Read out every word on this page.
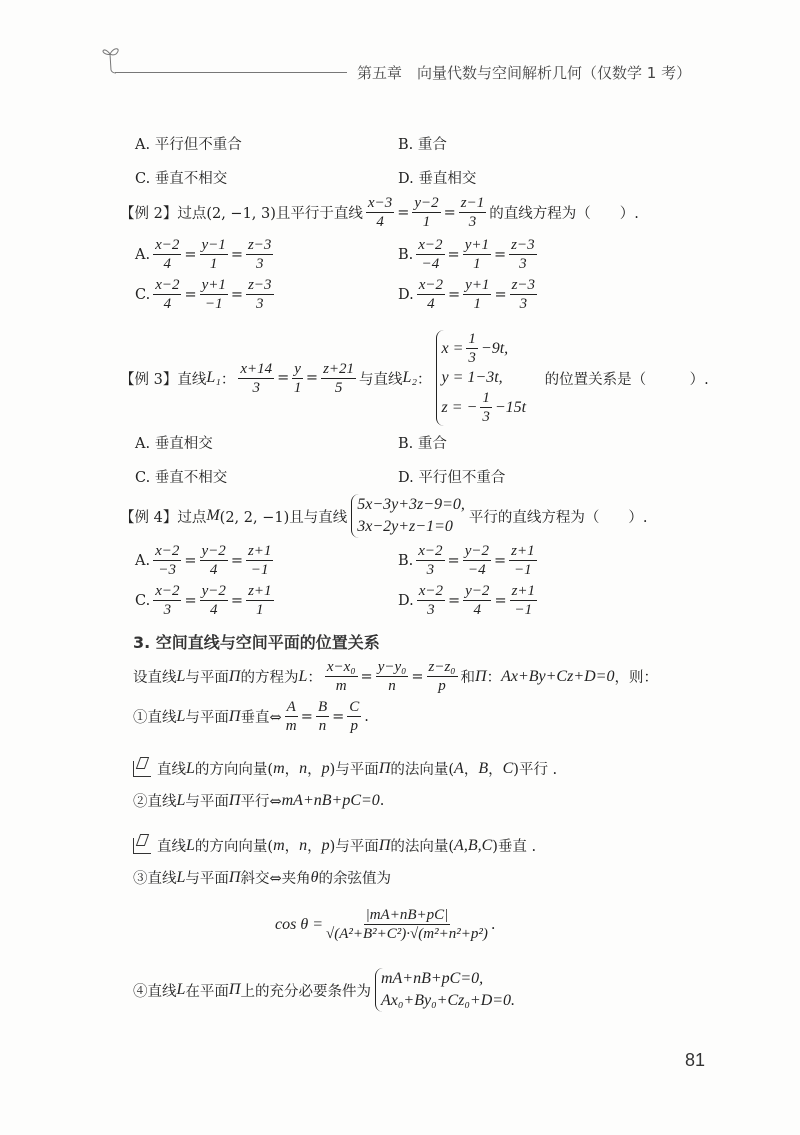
第五章　向量代数与空间解析几何（仅数学 1 考）
A. 平行但不重合	B. 重合
C. 垂直不相交	D. 垂直相交
【例 2】过点(2, −1, 3)且平行于直线 $\frac{x-3}{4} = \frac{y-2}{1} = \frac{z-1}{3}$ 的直线方程为（　　）.
A. $\frac{x-2}{4} = \frac{y-1}{1} = \frac{z-3}{3}$	B. $\frac{x-2}{-4} = \frac{y+1}{1} = \frac{z-3}{3}$
C. $\frac{x-2}{4} = \frac{y+1}{-1} = \frac{z-3}{3}$	D. $\frac{x-2}{4} = \frac{y+1}{1} = \frac{z-3}{3}$
【例 3】直线 L₁ ： $\frac{x+14}{3} = \frac{y}{1} = \frac{z+21}{5}$ 与直线 L₂ ：
$x = \frac{1}{3} -9t$,
y = 1−3t,
z = − $\frac{1}{3} -15t$
　的位置关系是（　　　）.
A. 垂直相交	B. 重合
C. 垂直不相交	D. 平行但不重合
【例 4】过点 M (2, 2, −1)且与直线
5x−3y+3z−9=0,
3x−2y+z−1=0
平行的直线方程为（　　）.
A. $\frac{x-2}{-3} = \frac{y-2}{4} = \frac{z+1}{-1}$	B. $\frac{x-2}{3} = \frac{y-2}{-4} = \frac{z+1}{-1}$
C. $\frac{x-2}{3} = \frac{y-2}{4} = \frac{z+1}{1}$	D. $\frac{x-2}{3} = \frac{y-2}{4} = \frac{z+1}{-1}$
3. 空间直线与空间平面的位置关系
设直线 L 与平面 Π 的方程为 L ： $\frac{\text{x−x₀}}{m} = \frac{\text{y−y₀}}{n} = \frac{\text{z−z₀}}{p}$ 和 Π ： Ax+By+Cz+D=0 ，则：
①直线 L 与平面 Π 垂直⇔ $\frac{A}{m} = \frac{B}{n} = \frac{C}{p}$ .
直线 L 的方向向量( m ， n ， p )与平面 Π 的法向量( A ， B ， C )平行 .
②直线 L 与平面 Π 平行⇔ mA+nB+pC=0 .
直线 L 的方向向量( m ， n ， p )与平面 Π 的法向量( A,B,C )垂直 .
③直线 L 与平面 Π 斜交⇔夹角 θ 的余弦值为
$\cos \theta = \frac{|mA+nB+pC|}{\text{√(A²+B²+C²)·√(m²+n²+p²)}}$ .
④直线 L 在平面 Π 上的充分必要条件为
mA+nB+pC=0,
Ax₀+By₀+Cz₀+D=0.
81
